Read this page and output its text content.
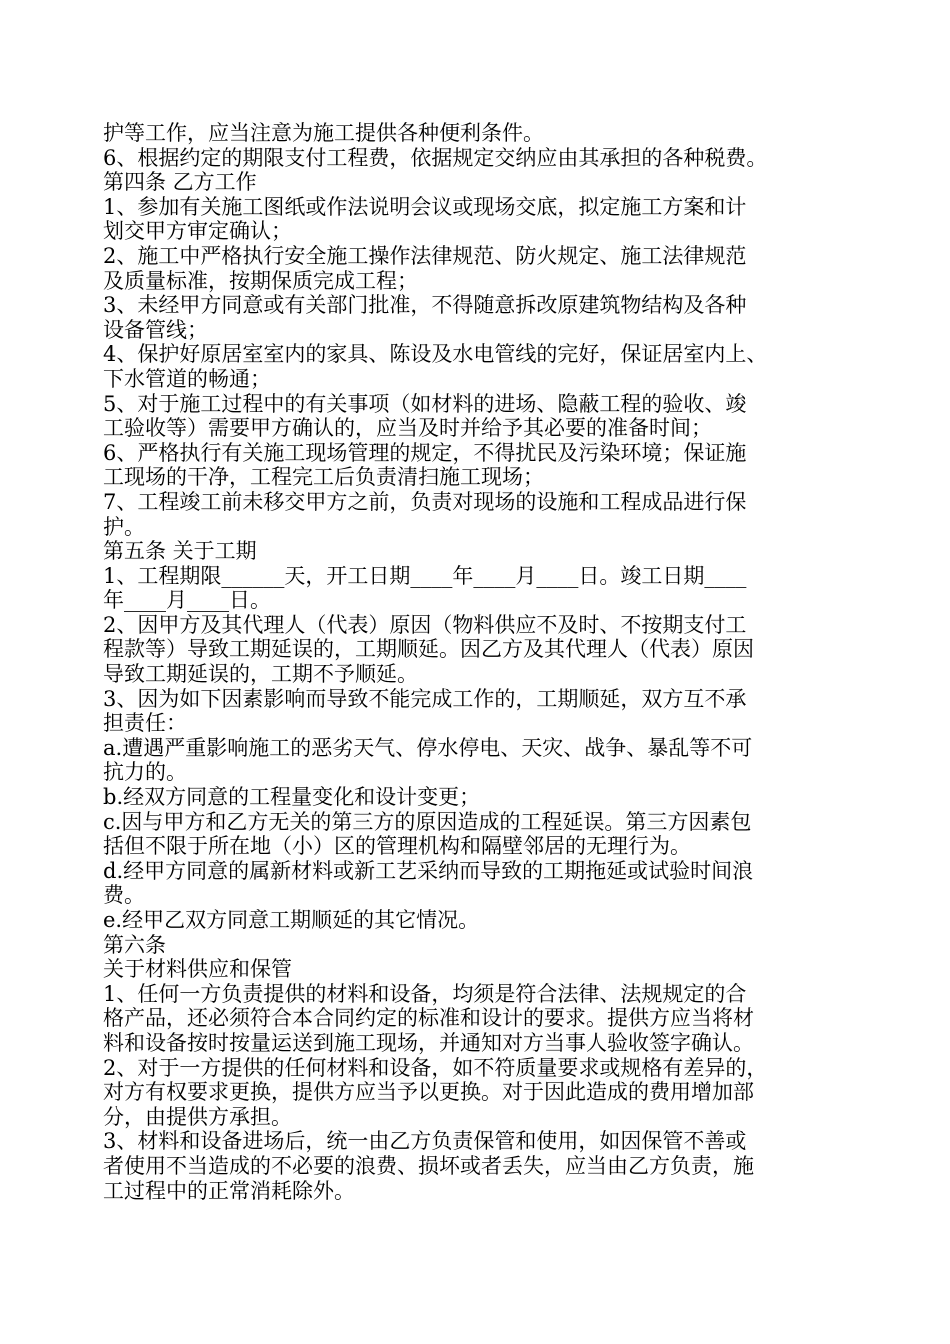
护等工作，应当注意为施工提供各种便利条件。
6、根据约定的期限支付工程费，依据规定交纳应由其承担的各种税费。
第四条 乙方工作
1、参加有关施工图纸或作法说明会议或现场交底，拟定施工方案和计
划交甲方审定确认；
2、施工中严格执行安全施工操作法律规范、防火规定、施工法律规范
及质量标准，按期保质完成工程；
3、未经甲方同意或有关部门批准，不得随意拆改原建筑物结构及各种
设备管线；
4、保护好原居室室内的家具、陈设及水电管线的完好，保证居室内上、
下水管道的畅通；
5、对于施工过程中的有关事项（如材料的进场、隐蔽工程的验收、竣
工验收等）需要甲方确认的，应当及时并给予其必要的准备时间；
6、严格执行有关施工现场管理的规定，不得扰民及污染环境；保证施
工现场的干净，工程完工后负责清扫施工现场；
7、工程竣工前未移交甲方之前，负责对现场的设施和工程成品进行保
护。
第五条 关于工期
1、工程期限______天，开工日期____年____月____日。竣工日期____
年____月____日。
2、因甲方及其代理人（代表）原因（物料供应不及时、不按期支付工
程款等）导致工期延误的，工期顺延。因乙方及其代理人（代表）原因
导致工期延误的，工期不予顺延。
3、因为如下因素影响而导致不能完成工作的，工期顺延，双方互不承
担责任：
a.遭遇严重影响施工的恶劣天气、停水停电、天灾、战争、暴乱等不可
抗力的。
b.经双方同意的工程量变化和设计变更；
c.因与甲方和乙方无关的第三方的原因造成的工程延误。第三方因素包
括但不限于所在地（小）区的管理机构和隔壁邻居的无理行为。
d.经甲方同意的属新材料或新工艺采纳而导致的工期拖延或试验时间浪
费。
e.经甲乙双方同意工期顺延的其它情况。
第六条
关于材料供应和保管
1、任何一方负责提供的材料和设备，均须是符合法律、法规规定的合
格产品，还必须符合本合同约定的标准和设计的要求。提供方应当将材
料和设备按时按量运送到施工现场，并通知对方当事人验收签字确认。
2、对于一方提供的任何材料和设备，如不符质量要求或规格有差异的，
对方有权要求更换，提供方应当予以更换。对于因此造成的费用增加部
分，由提供方承担。
3、材料和设备进场后，统一由乙方负责保管和使用，如因保管不善或
者使用不当造成的不必要的浪费、损坏或者丢失，应当由乙方负责，施
工过程中的正常消耗除外。
